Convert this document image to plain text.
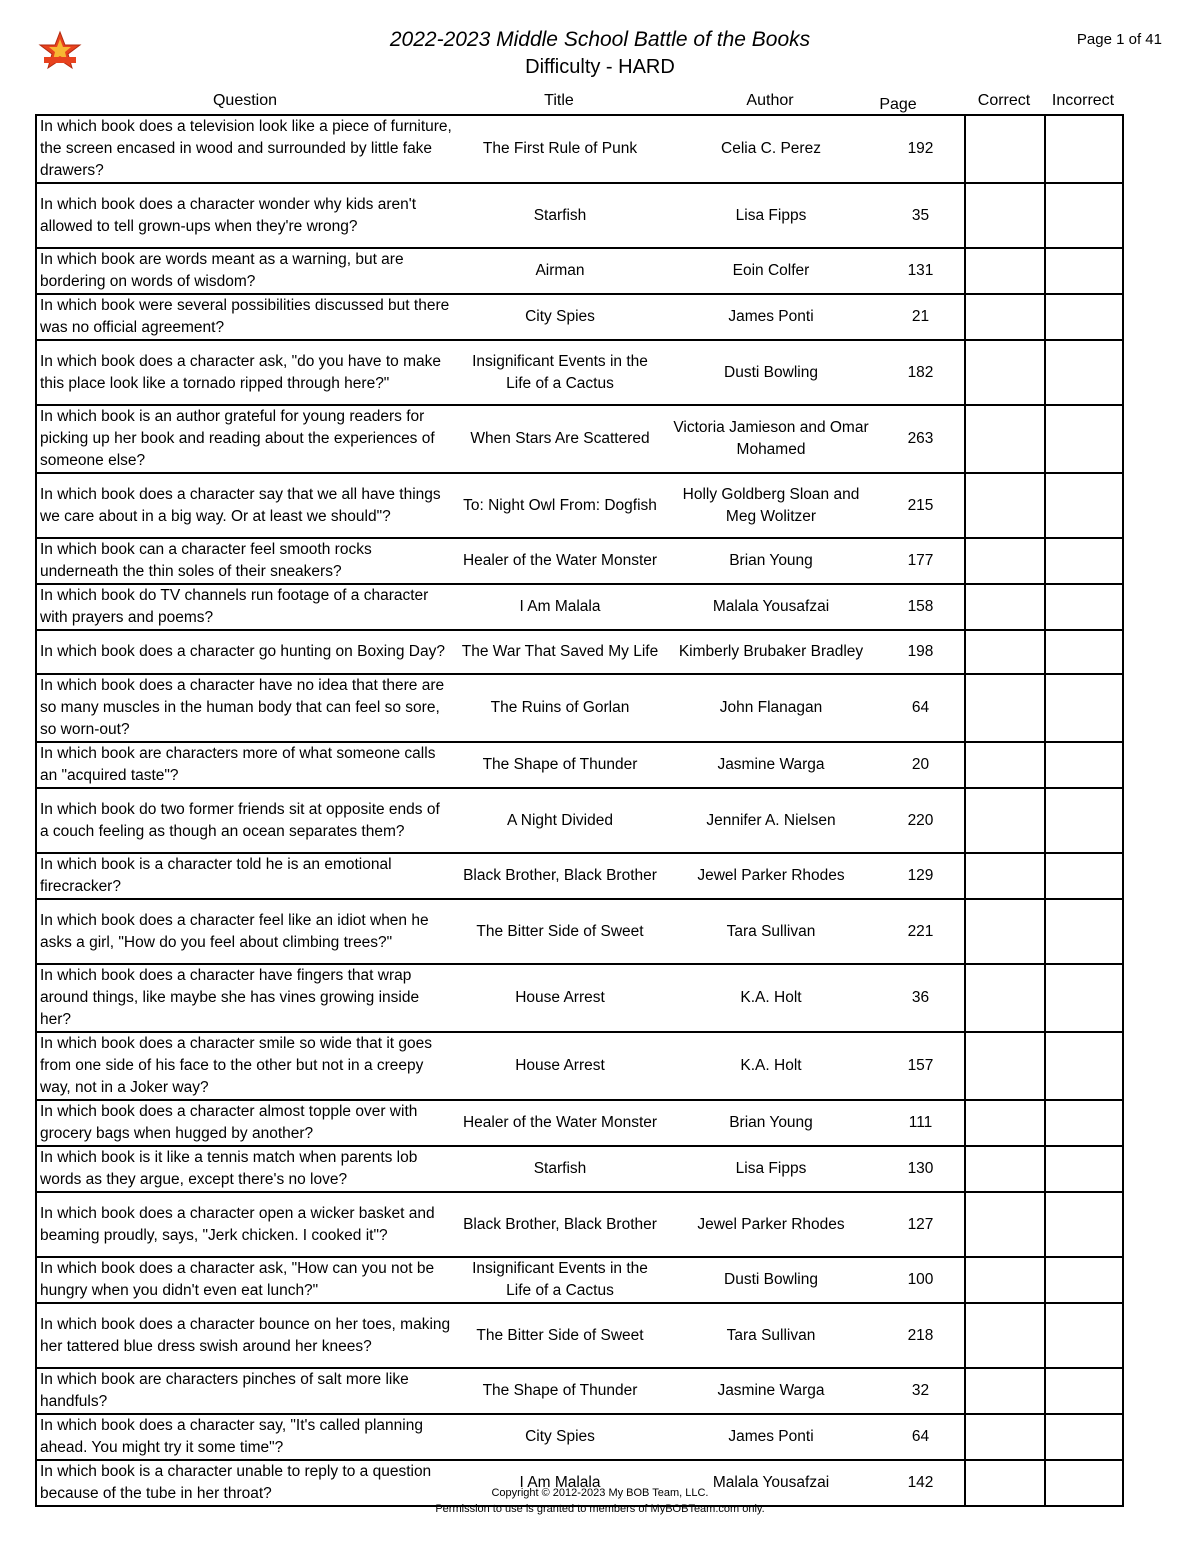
2022-2023 Middle School Battle of the Books
Difficulty - HARD
Page 1 of 41
Question	Title	Author	Page	Correct	Incorrect
In which book does a television look like a piece of furniture, the screen encased in wood and surrounded by little fake drawers?	The First Rule of Punk	Celia C. Perez	192		
In which book does a character wonder why kids aren't allowed to tell grown-ups when they're wrong?	Starfish	Lisa Fipps	35		
In which book are words meant as a warning, but are bordering on words of wisdom?	Airman	Eoin Colfer	131		
In which book were several possibilities discussed but there was no official agreement?	City Spies	James Ponti	21		
In which book does a character ask, "do you have to make this place look like a tornado ripped through here?"	Insignificant Events in the Life of a Cactus	Dusti Bowling	182		
In which book is an author grateful for young readers for picking up her book and reading about the experiences of someone else?	When Stars Are Scattered	Victoria Jamieson and Omar Mohamed	263		
In which book does a character say that we all have things we care about in a big way. Or at least we should"?	To: Night Owl From: Dogfish	Holly Goldberg Sloan and Meg Wolitzer	215		
In which book can a character feel smooth rocks underneath the thin soles of their sneakers?	Healer of the Water Monster	Brian Young	177		
In which book do TV channels run footage of a character with prayers and poems?	I Am Malala	Malala Yousafzai	158		
In which book does a character go hunting on Boxing Day?	The War That Saved My Life	Kimberly Brubaker Bradley	198		
In which book does a character have no idea that there are so many muscles in the human body that can feel so sore, so worn-out?	The Ruins of Gorlan	John Flanagan	64		
In which book are characters more of what someone calls an "acquired taste"?	The Shape of Thunder	Jasmine Warga	20		
In which book do two former friends sit at opposite ends of a couch feeling as though an ocean separates them?	A Night Divided	Jennifer A. Nielsen	220		
In which book is a character told he is an emotional firecracker?	Black Brother, Black Brother	Jewel Parker Rhodes	129		
In which book does a character feel like an idiot when he asks a girl, "How do you feel about climbing trees?"	The Bitter Side of Sweet	Tara Sullivan	221		
In which book does a character have fingers that wrap around things, like maybe she has vines growing inside her?	House Arrest	K.A. Holt	36		
In which book does a character smile so wide that it goes from one side of his face to the other but not in a creepy way, not in a Joker way?	House Arrest	K.A. Holt	157		
In which book does a character almost topple over with grocery bags when hugged by another?	Healer of the Water Monster	Brian Young	111		
In which book is it like a tennis match when parents lob words as they argue, except there's no love?	Starfish	Lisa Fipps	130		
In which book does a character open a wicker basket and beaming proudly, says, "Jerk chicken. I cooked it"?	Black Brother, Black Brother	Jewel Parker Rhodes	127		
In which book does a character ask, "How can you not be hungry when you didn't even eat lunch?"	Insignificant Events in the Life of a Cactus	Dusti Bowling	100		
In which book does a character bounce on her toes, making her tattered blue dress swish around her knees?	The Bitter Side of Sweet	Tara Sullivan	218		
In which book are characters pinches of salt more like handfuls?	The Shape of Thunder	Jasmine Warga	32		
In which book does a character say, "It's called planning ahead. You might try it some time"?	City Spies	James Ponti	64		
In which book is a character unable to reply to a question because of the tube in her throat?	I Am Malala	Malala Yousafzai	142		
Copyright © 2012-2023 My BOB Team, LLC.
Permission to use is granted to members of MyBOBTeam.com only.
